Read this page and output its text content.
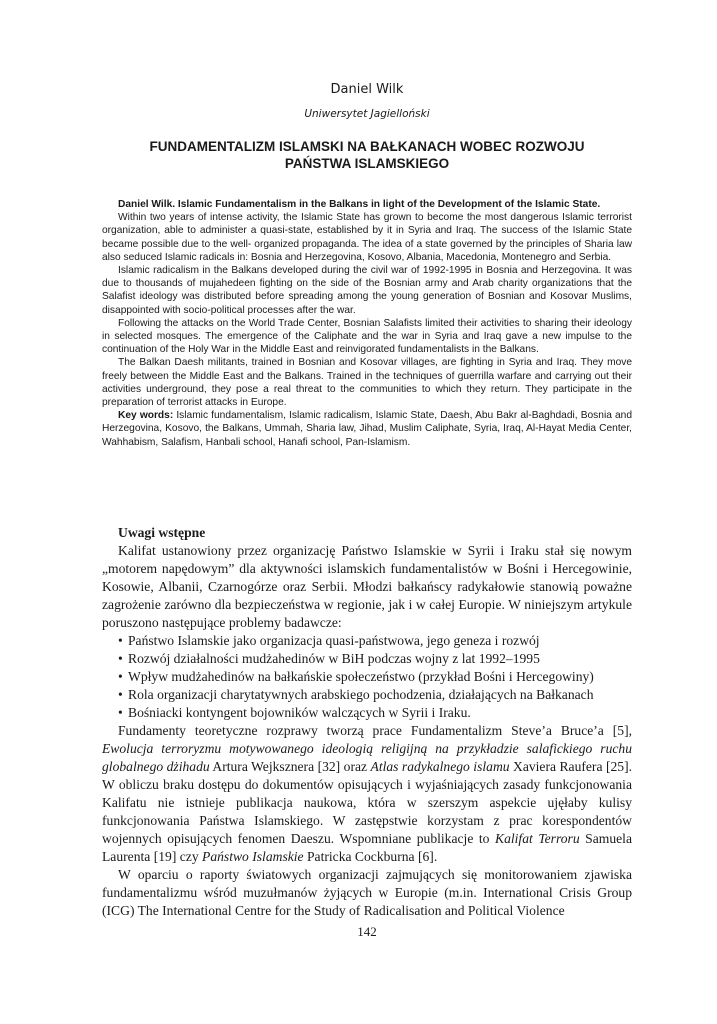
Daniel Wilk
Uniwersytet Jagielloński
FUNDAMENTALIZM ISLAMSKI NA BAŁKANACH WOBEC ROZWOJU
PAŃSTWA ISLAMSKIEGO

Daniel Wilk. Islamic Fundamentalism in the Balkans in light of the Development of the Islamic State.

Within two years of intense activity, the Islamic State has grown to become the most dangerous Islamic terrorist organization, able to administer a quasi-state, established by it in Syria and Iraq. The success of the Islamic State became possible due to the well- organized propaganda. The idea of a state governed by the principles of Sharia law also seduced Islamic radicals in: Bosnia and Herzegovina, Kosovo, Albania, Macedonia, Montenegro and Serbia.

Islamic radicalism in the Balkans developed during the civil war of 1992-1995 in Bosnia and Herzegovina. It was due to thousands of mujahedeen fighting on the side of the Bosnian army and Arab charity organizations that the Salafist ideology was distributed before spreading among the young generation of Bosnian and Kosovar Muslims, disappointed with socio-political processes after the war.

Following the attacks on the World Trade Center, Bosnian Salafists limited their activities to sharing their ideology in selected mosques. The emergence of the Caliphate and the war in Syria and Iraq gave a new impulse to the continuation of the Holy War in the Middle East and reinvigorated fundamentalists in the Balkans.

The Balkan Daesh militants, trained in Bosnian and Kosovar villages, are fighting in Syria and Iraq. They move freely between the Middle East and the Balkans. Trained in the techniques of guerrilla warfare and carrying out their activities underground, they pose a real threat to the communities to which they return. They participate in the preparation of terrorist attacks in Europe.

Key words: Islamic fundamentalism, Islamic radicalism, Islamic State, Daesh, Abu Bakr al-Baghdadi, Bosnia and Herzegovina, Kosovo, the Balkans, Ummah, Sharia law, Jihad, Muslim Caliphate, Syria, Iraq, Al-Hayat Media Center, Wahhabism, Salafism, Hanbali school, Hanafi school, Pan-Islamism.

Uwagi wstępne

Kalifat ustanowiony przez organizację Państwo Islamskie w Syrii i Iraku stał się nowym „motorem napędowym” dla aktywności islamskich fundamentalistów w Bośni i Hercegowinie, Kosowie, Albanii, Czarnogórze oraz Serbii. Młodzi bałkańscy radykałowie stanowią poważne zagrożenie zarówno dla bezpieczeństwa w regionie, jak i w całej Europie. W niniejszym artykule poruszono następujące problemy badawcze:

• Państwo Islamskie jako organizacja quasi-państwowa, jego geneza i rozwój
• Rozwój działalności mudżahedinów w BiH podczas wojny z lat 1992–1995
• Wpływ mudżahedinów na bałkańskie społeczeństwo (przykład Bośni i Hercegowiny)
• Rola organizacji charytatywnych arabskiego pochodzenia, działających na Bałkanach
• Bośniacki kontyngent bojowników walczących w Syrii i Iraku.

Fundamenty teoretyczne rozprawy tworzą prace Fundamentalizm Steve’a Bruce’a [5], Ewolucja terroryzmu motywowanego ideologią religijną na przykładzie salafickiego ruchu globalnego dżihadu Artura Wejksznera [32] oraz Atlas radykalnego islamu Xaviera Raufera [25]. W obliczu braku dostępu do dokumentów opisujących i wyjaśniających zasady funkcjonowania Kalifatu nie istnieje publikacja naukowa, która w szerszym aspekcie ujęłaby kulisy funkcjonowania Państwa Islamskiego. W zastępstwie korzystam z prac korespondentów wojennych opisujących fenomen Daeszu. Wspomniane publikacje to Kalifat Terroru Samuela Laurenta [19] czy Państwo Islamskie Patricka Cockburna [6].

W oparciu o raporty światowych organizacji zajmujących się monitorowaniem zjawiska fundamentalizmu wśród muzułmanów żyjących w Europie (m.in. International Crisis Group (ICG) The International Centre for the Study of Radicalisation and Political Violence

142
